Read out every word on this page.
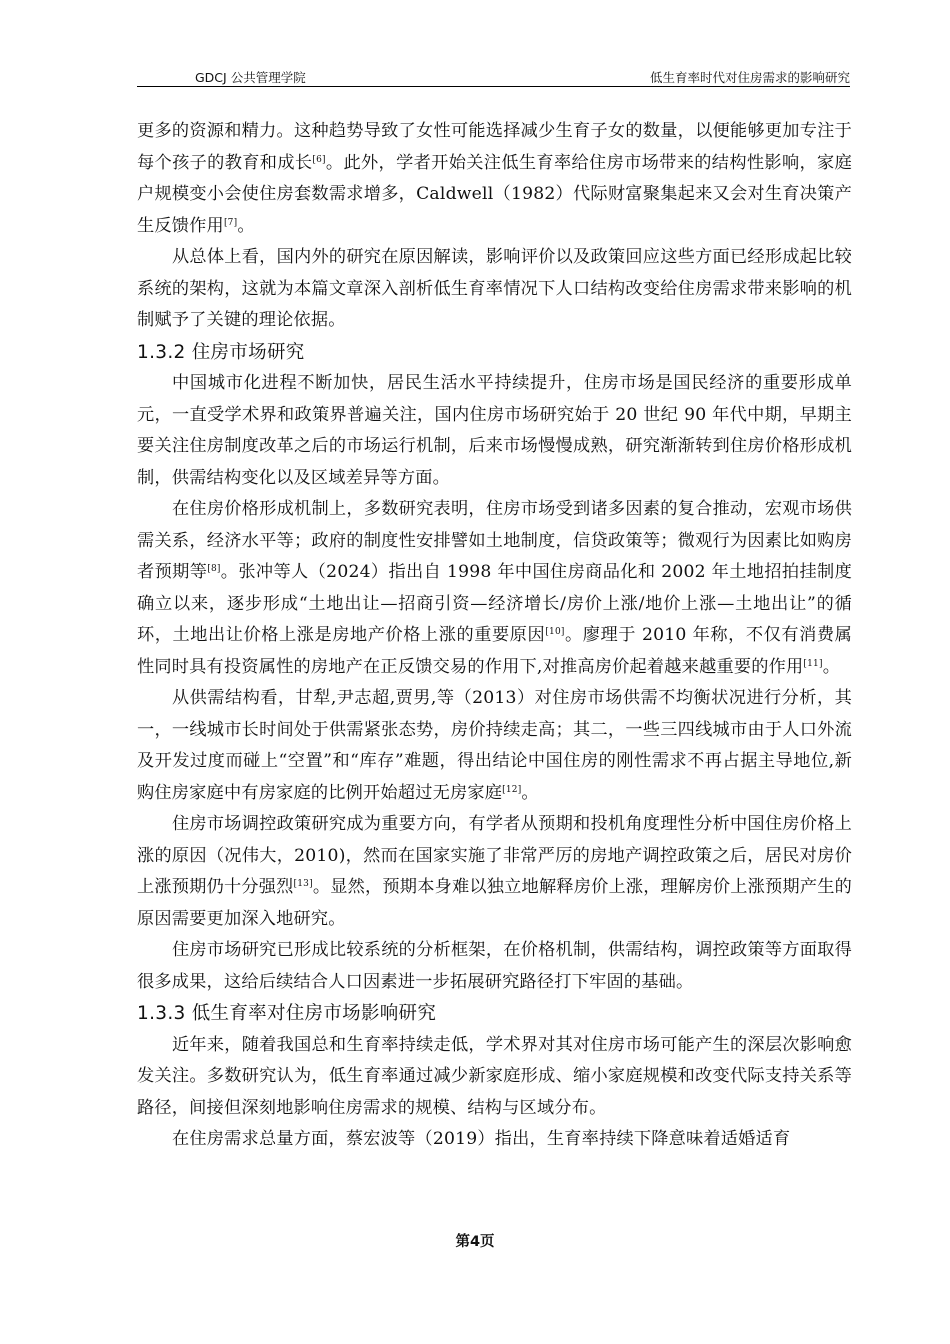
GDCJ 公共管理学院	低生育率时代对住房需求的影响研究

更多的资源和精力。这种趋势导致了女性可能选择减少生育子女的数量，以便能够更加专注于每个孩子的教育和成长[6]。此外，学者开始关注低生育率给住房市场带来的结构性影响，家庭户规模变小会使住房套数需求增多，Caldwell（1982）代际财富聚集起来又会对生育决策产生反馈作用[7]。

从总体上看，国内外的研究在原因解读，影响评价以及政策回应这些方面已经形成起比较系统的架构，这就为本篇文章深入剖析低生育率情况下人口结构改变给住房需求带来影响的机制赋予了关键的理论依据。

1.3.2 住房市场研究

中国城市化进程不断加快，居民生活水平持续提升，住房市场是国民经济的重要形成单元，一直受学术界和政策界普遍关注，国内住房市场研究始于 20 世纪 90 年代中期，早期主要关注住房制度改革之后的市场运行机制，后来市场慢慢成熟，研究渐渐转到住房价格形成机制，供需结构变化以及区域差异等方面。

在住房价格形成机制上，多数研究表明，住房市场受到诸多因素的复合推动，宏观市场供需关系，经济水平等；政府的制度性安排譬如土地制度，信贷政策等；微观行为因素比如购房者预期等[8]。张冲等人（2024）指出自 1998 年中国住房商品化和 2002 年土地招拍挂制度确立以来，逐步形成“土地出让—招商引资—经济增长/房价上涨/地价上涨—土地出让”的循环，土地出让价格上涨是房地产价格上涨的重要原因[10]。廖理于 2010 年称，不仅有消费属性同时具有投资属性的房地产在正反馈交易的作用下,对推高房价起着越来越重要的作用[11]。

从供需结构看，甘犁,尹志超,贾男,等（2013）对住房市场供需不均衡状况进行分析，其一，一线城市长时间处于供需紧张态势，房价持续走高；其二，一些三四线城市由于人口外流及开发过度而碰上“空置”和“库存”难题，得出结论中国住房的刚性需求不再占据主导地位,新购住房家庭中有房家庭的比例开始超过无房家庭[12]。

住房市场调控政策研究成为重要方向，有学者从预期和投机角度理性分析中国住房价格上涨的原因（况伟大，2010)，然而在国家实施了非常严厉的房地产调控政策之后，居民对房价上涨预期仍十分强烈[13]。显然，预期本身难以独立地解释房价上涨，理解房价上涨预期产生的原因需要更加深入地研究。

住房市场研究已形成比较系统的分析框架，在价格机制，供需结构，调控政策等方面取得很多成果，这给后续结合人口因素进一步拓展研究路径打下牢固的基础。

1.3.3 低生育率对住房市场影响研究

近年来，随着我国总和生育率持续走低，学术界对其对住房市场可能产生的深层次影响愈发关注。多数研究认为，低生育率通过减少新家庭形成、缩小家庭规模和改变代际支持关系等路径，间接但深刻地影响住房需求的规模、结构与区域分布。

在住房需求总量方面，蔡宏波等（2019）指出，生育率持续下降意味着适婚适育

第4页
